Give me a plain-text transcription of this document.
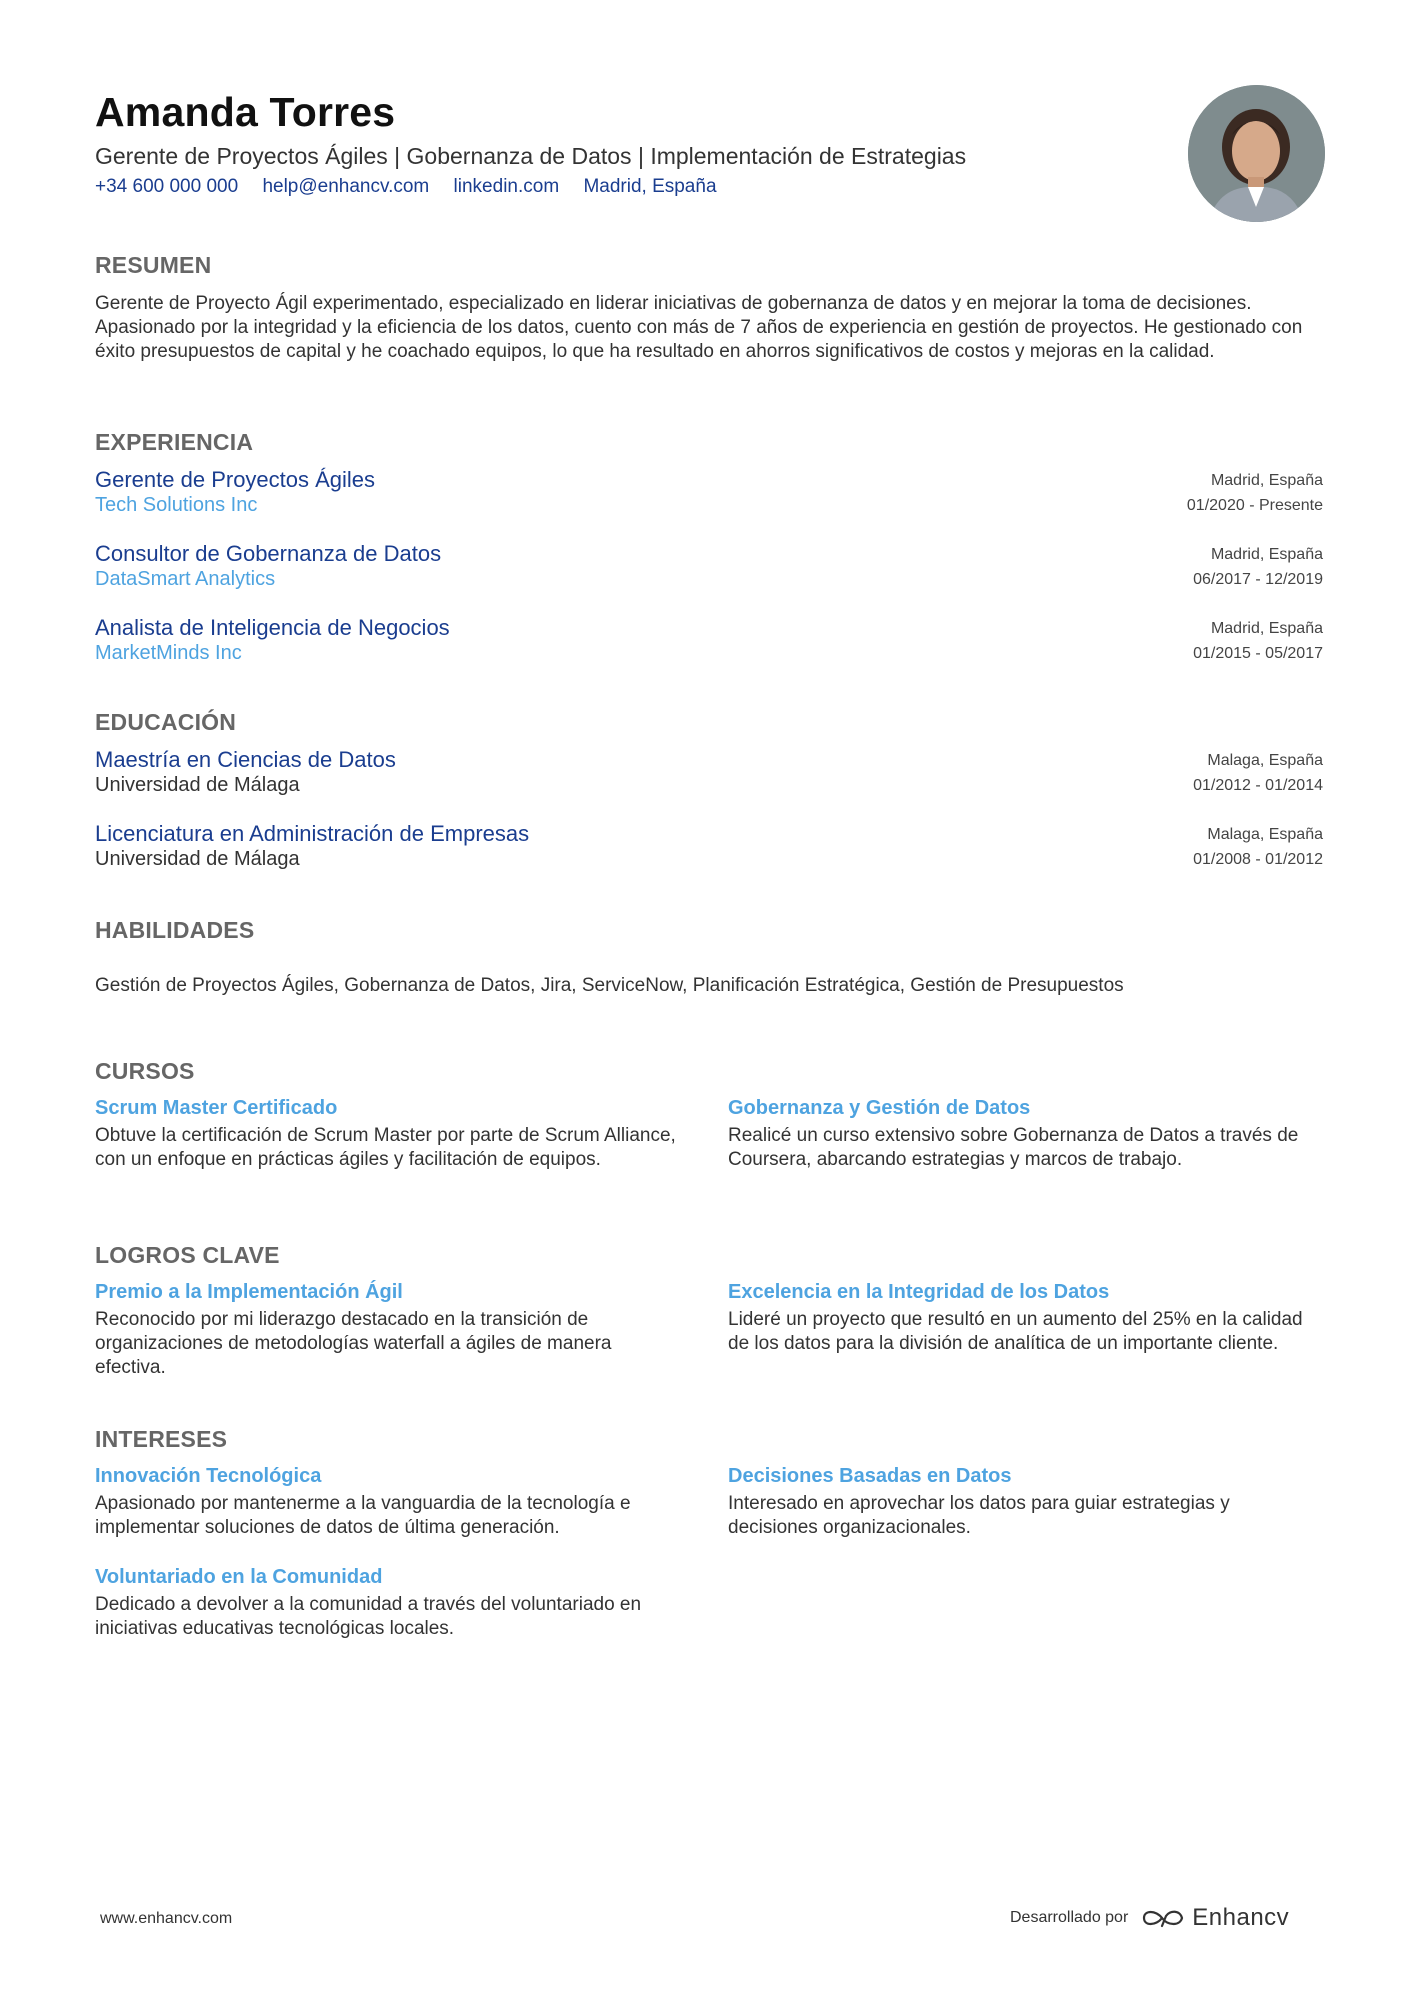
Amanda Torres
Gerente de Proyectos Ágiles | Gobernanza de Datos | Implementación de Estrategias
+34 600 000 000 help@enhancv.com linkedin.com Madrid, España
RESUMEN
Gerente de Proyecto Ágil experimentado, especializado en liderar iniciativas de gobernanza de datos y en mejorar la toma de decisiones. Apasionado por la integridad y la eficiencia de los datos, cuento con más de 7 años de experiencia en gestión de proyectos. He gestionado con éxito presupuestos de capital y he coachado equipos, lo que ha resultado en ahorros significativos de costos y mejoras en la calidad.
EXPERIENCIA
Gerente de Proyectos Ágiles
Tech Solutions Inc
Madrid, España
01/2020 - Presente
Consultor de Gobernanza de Datos
DataSmart Analytics
Madrid, España
06/2017 - 12/2019
Analista de Inteligencia de Negocios
MarketMinds Inc
Madrid, España
01/2015 - 05/2017
EDUCACIÓN
Maestría en Ciencias de Datos
Universidad de Málaga
Malaga, España
01/2012 - 01/2014
Licenciatura en Administración de Empresas
Universidad de Málaga
Malaga, España
01/2008 - 01/2012
HABILIDADES
Gestión de Proyectos Ágiles, Gobernanza de Datos, Jira, ServiceNow, Planificación Estratégica, Gestión de Presupuestos
CURSOS
Scrum Master Certificado
Obtuve la certificación de Scrum Master por parte de Scrum Alliance, con un enfoque en prácticas ágiles y facilitación de equipos.
Gobernanza y Gestión de Datos
Realicé un curso extensivo sobre Gobernanza de Datos a través de Coursera, abarcando estrategias y marcos de trabajo.
LOGROS CLAVE
Premio a la Implementación Ágil
Reconocido por mi liderazgo destacado en la transición de organizaciones de metodologías waterfall a ágiles de manera efectiva.
Excelencia en la Integridad de los Datos
Lideré un proyecto que resultó en un aumento del 25% en la calidad de los datos para la división de analítica de un importante cliente.
INTERESES
Innovación Tecnológica
Apasionado por mantenerme a la vanguardia de la tecnología e implementar soluciones de datos de última generación.
Decisiones Basadas en Datos
Interesado en aprovechar los datos para guiar estrategias y decisiones organizacionales.
Voluntariado en la Comunidad
Dedicado a devolver a la comunidad a través del voluntariado en iniciativas educativas tecnológicas locales.
www.enhancv.com	Desarrollado por	Enhancv
